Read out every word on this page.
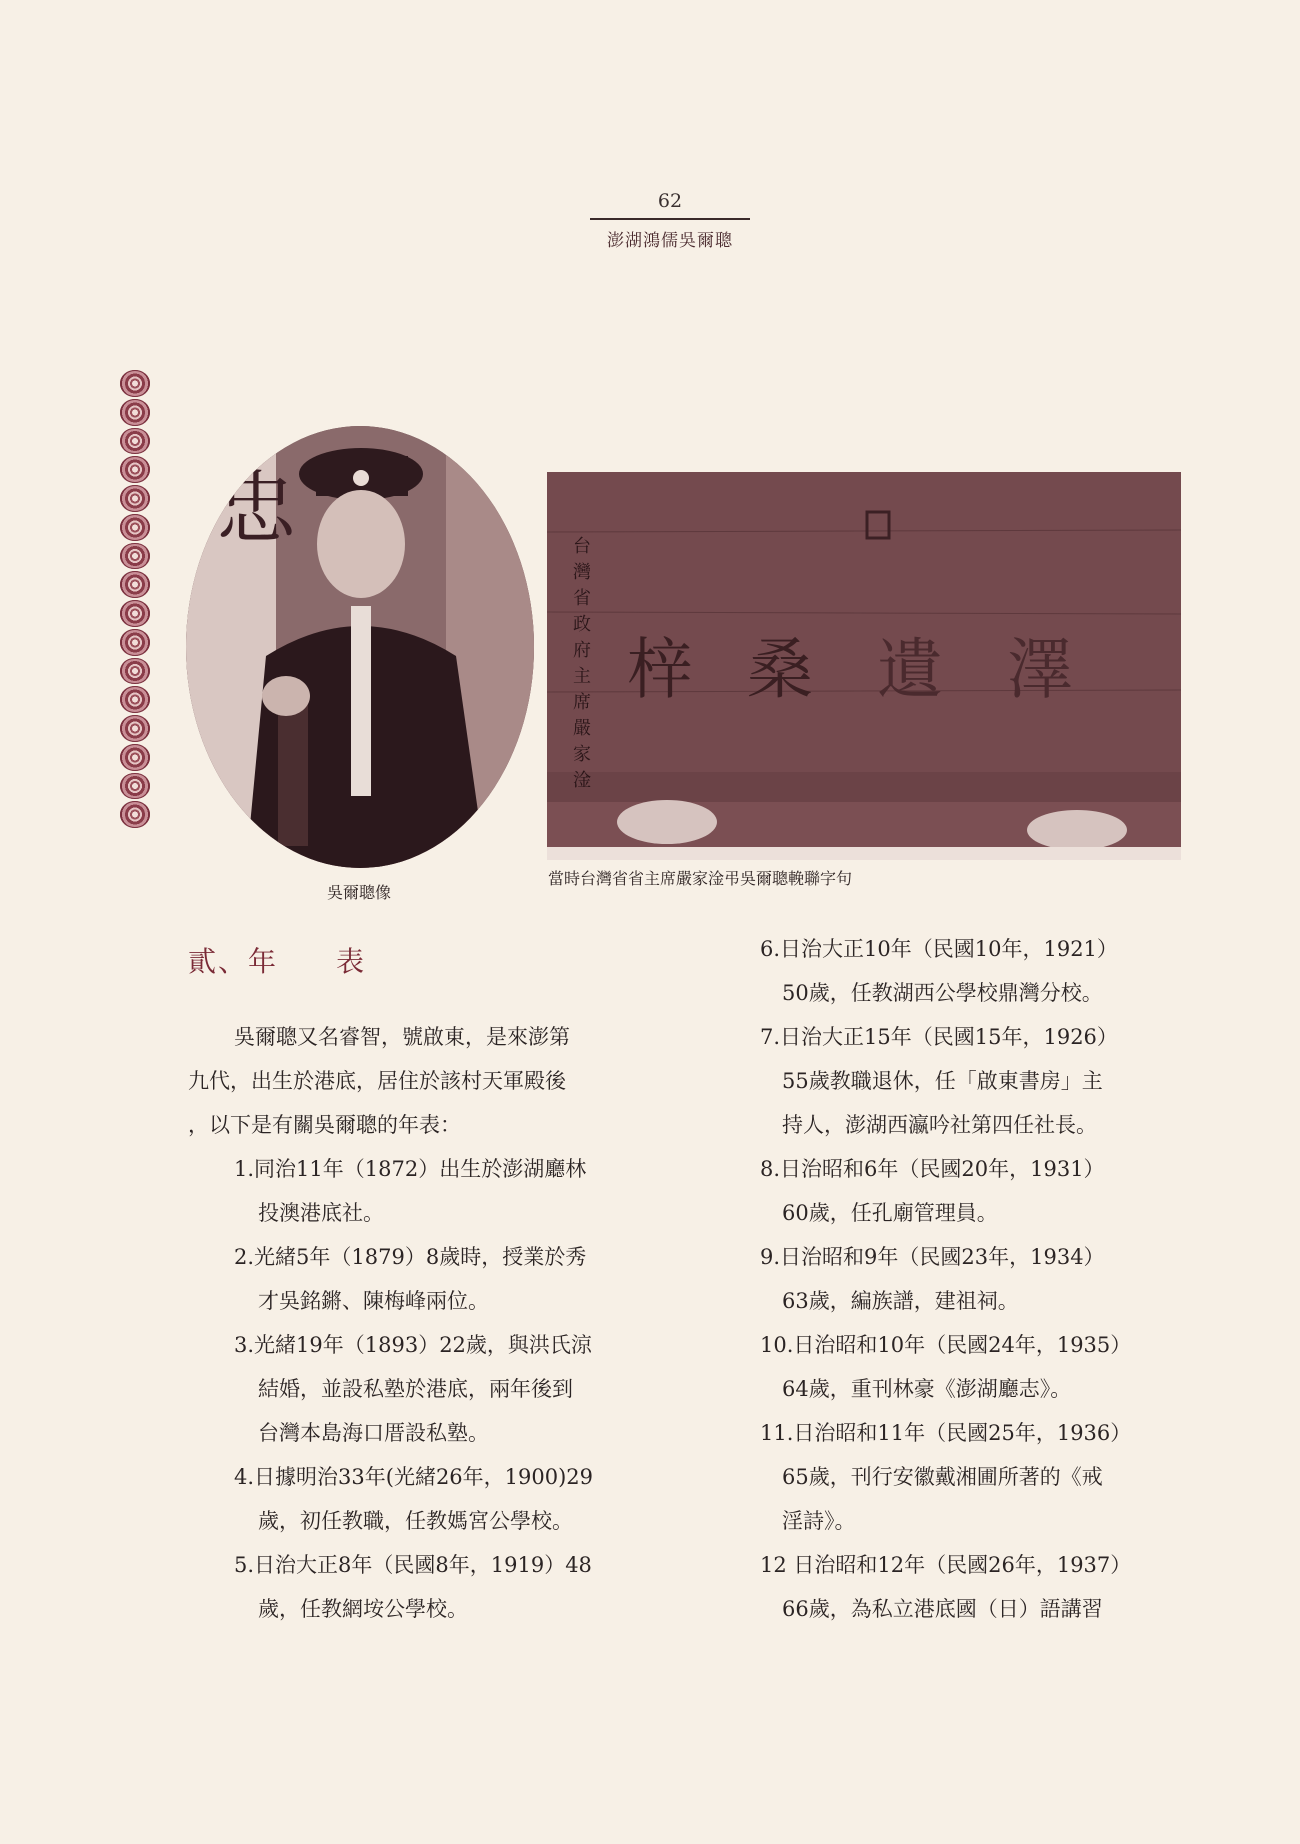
62
澎湖鴻儒吳爾聰
忠
吳爾聰像
梓 桑 遺 澤
台
灣
省
政
府
主
席
嚴
家
淦
當時台灣省省主席嚴家淦弔吳爾聰輓聯字句
貳、年 表
吳爾聰又名睿智，號啟東，是來澎第
九代，出生於港底，居住於該村天軍殿後
，以下是有關吳爾聰的年表：
1.同治11年（1872）出生於澎湖廳林
投澳港底社。
2.光緒5年（1879）8歲時，授業於秀
才吳銘鏘、陳梅峰兩位。
3.光緒19年（1893）22歲，與洪氏涼
結婚，並設私塾於港底，兩年後到
台灣本島海口厝設私塾。
4.日據明治33年(光緒26年，1900)29
歲，初任教職，任教媽宮公學校。
5.日治大正8年（民國8年，1919）48
歲，任教網垵公學校。
6.日治大正10年（民國10年，1921）
50歲，任教湖西公學校鼎灣分校。
7.日治大正15年（民國15年，1926）
55歲教職退休，任「啟東書房」主
持人，澎湖西瀛吟社第四任社長。
8.日治昭和6年（民國20年，1931）
60歲，任孔廟管理員。
9.日治昭和9年（民國23年，1934）
63歲，編族譜，建祖祠。
10.日治昭和10年（民國24年，1935）
64歲，重刊林豪《澎湖廳志》。
11.日治昭和11年（民國25年，1936）
65歲，刊行安徽戴湘圃所著的《戒
淫詩》。
12 日治昭和12年（民國26年，1937）
66歲，為私立港底國（日）語講習
